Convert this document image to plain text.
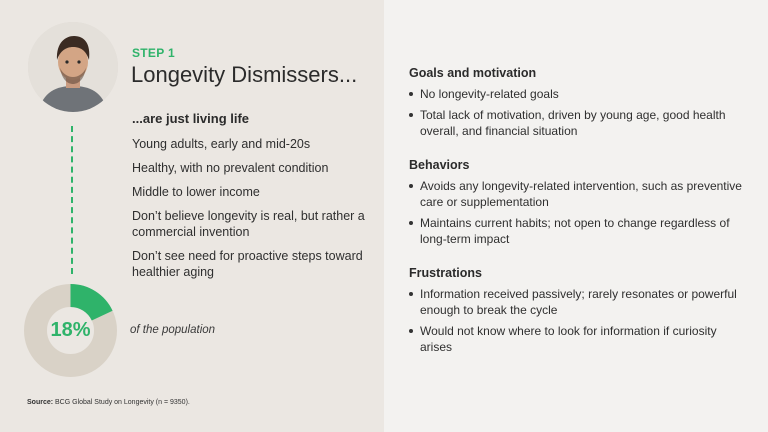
STEP 1
Longevity Dismissers...
...are just living life
Young adults, early and mid-20s
Healthy, with no prevalent condition
Middle to lower income
Don’t believe longevity is real, but rather a commercial invention
Don’t see need for proactive steps toward healthier aging
18%	of the population
Source: BCG Global Study on Longevity (n = 9350).
Goals and motivation
No longevity-related goals
Total lack of motivation, driven by young age, good health overall, and financial situation
Behaviors
Avoids any longevity-related intervention, such as preventive care or supplementation
Maintains current habits; not open to change regardless of long-term impact
Frustrations
Information received passively; rarely resonates or powerful enough to break the cycle
Would not know where to look for information if curiosity arises
